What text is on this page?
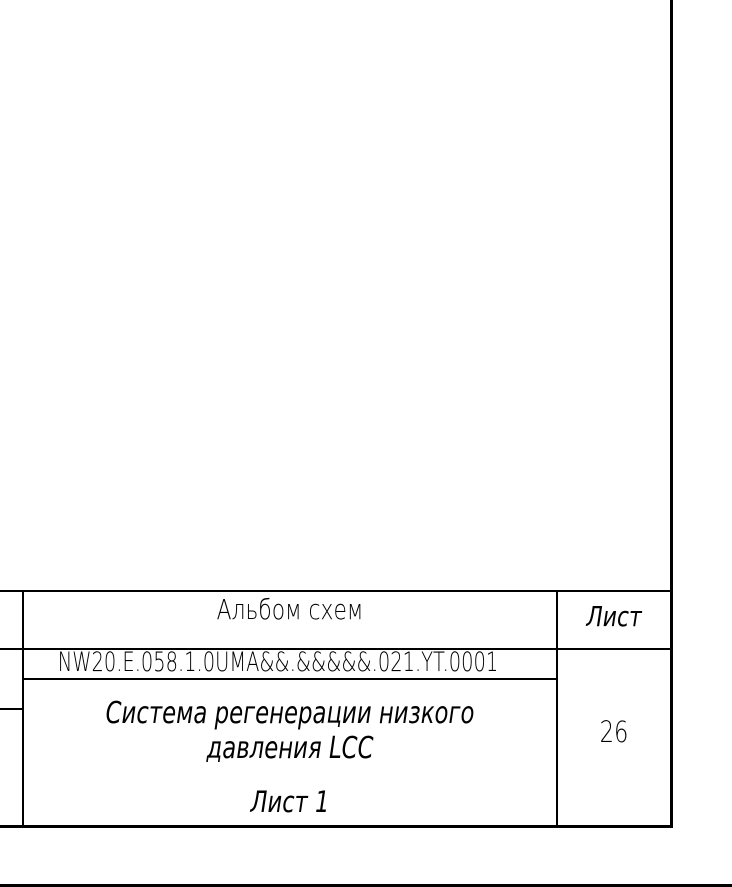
Альбом схем	Лист
NW20.E.058.1.0UMA&&.&&&&&.021.YT.0001
Система регенерации низкого
давления LCC
Лист 1
26
